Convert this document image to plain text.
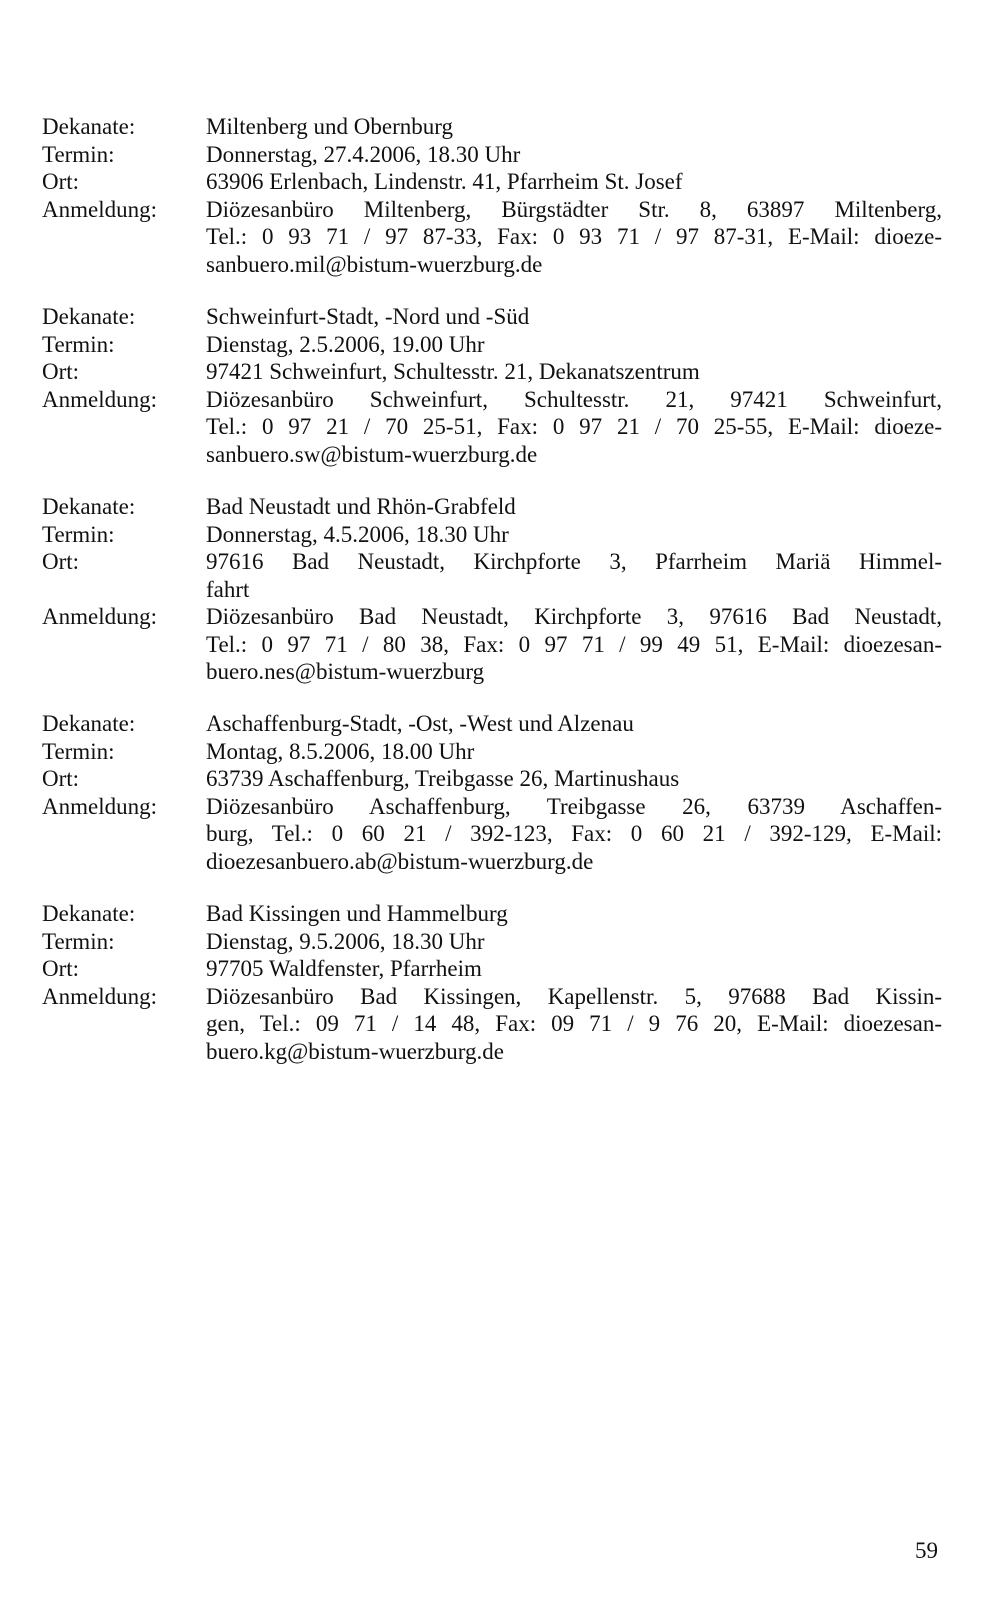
Dekanate:	Miltenberg und Obernburg
Termin:	Donnerstag, 27.4.2006, 18.30 Uhr
Ort:	63906 Erlenbach, Lindenstr. 41, Pfarrheim St. Josef
Anmeldung:	Diözesanbüro Miltenberg, Bürgstädter Str. 8, 63897 Miltenberg,
Tel.: 0 93 71 / 97 87-33, Fax: 0 93 71 / 97 87-31, E-Mail: dioeze-
sanbuero.mil@bistum-wuerzburg.de
Dekanate:	Schweinfurt-Stadt, -Nord und -Süd
Termin:	Dienstag, 2.5.2006, 19.00 Uhr
Ort:	97421 Schweinfurt, Schultesstr. 21, Dekanatszentrum
Anmeldung:	Diözesanbüro Schweinfurt, Schultesstr. 21, 97421 Schweinfurt,
Tel.: 0 97 21 / 70 25-51, Fax: 0 97 21 / 70 25-55, E-Mail: dioeze-
sanbuero.sw@bistum-wuerzburg.de
Dekanate:	Bad Neustadt und Rhön-Grabfeld
Termin:	Donnerstag, 4.5.2006, 18.30 Uhr
Ort:	97616 Bad Neustadt, Kirchpforte 3, Pfarrheim Mariä Himmel-
fahrt
Anmeldung:	Diözesanbüro Bad Neustadt, Kirchpforte 3, 97616 Bad Neustadt,
Tel.: 0 97 71 / 80 38, Fax: 0 97 71 / 99 49 51, E-Mail: dioezesan-
buero.nes@bistum-wuerzburg
Dekanate:	Aschaffenburg-Stadt, -Ost, -West und Alzenau
Termin:	Montag, 8.5.2006, 18.00 Uhr
Ort:	63739 Aschaffenburg, Treibgasse 26, Martinushaus
Anmeldung:	Diözesanbüro Aschaffenburg, Treibgasse 26, 63739 Aschaffen-
burg, Tel.: 0 60 21 / 392-123, Fax: 0 60 21 / 392-129, E-Mail:
dioezesanbuero.ab@bistum-wuerzburg.de
Dekanate:	Bad Kissingen und Hammelburg
Termin:	Dienstag, 9.5.2006, 18.30 Uhr
Ort:	97705 Waldfenster, Pfarrheim
Anmeldung:	Diözesanbüro Bad Kissingen, Kapellenstr. 5, 97688 Bad Kissin-
gen, Tel.: 09 71 / 14 48, Fax: 09 71 / 9 76 20, E-Mail: dioezesan-
buero.kg@bistum-wuerzburg.de
59
